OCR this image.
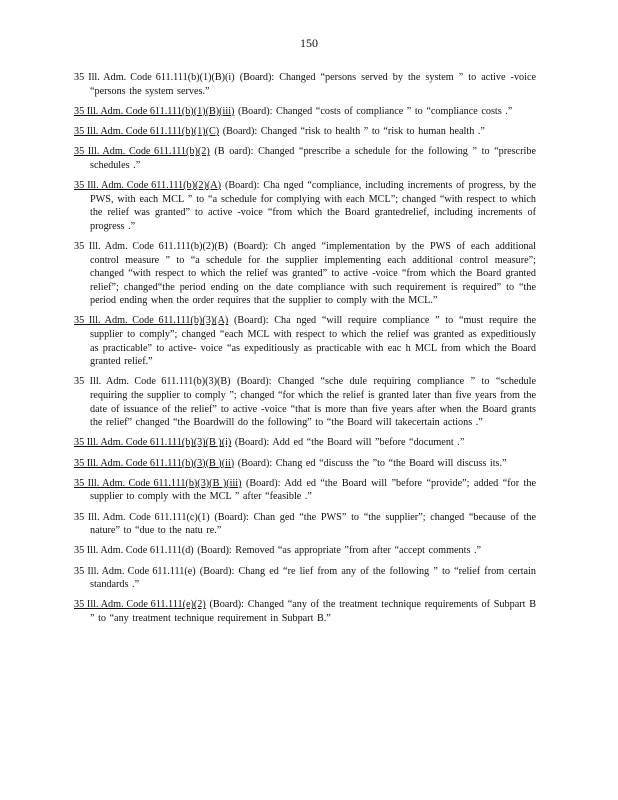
150
35 Ill. Adm. Code 611.111(b)(1)(B)(i) (Board): Changed “persons served by the system ” to active -voice “persons the system serves.”
35 Ill. Adm. Code 611.111(b)(1)(B)(iii) (Board): Changed “costs of compliance ” to “compliance costs .”
35 Ill. Adm. Code 611.111(b)(1)(C) (Board): Changed “risk to health ” to “risk to human health .”
35 Ill. Adm. Code 611.111(b)(2) (B oard): Changed “prescribe a schedule for the following ” to “prescribe schedules .”
35 Ill. Adm. Code 611.111(b)(2)(A) (Board): Cha nged “compliance, including increments of progress, by the PWS, with each MCL ” to “a schedule for complying with each MCL”; changed “with respect to which the relief was granted” to active -voice “from which the Board grantedrelief, including increments of progress .”
35 Ill. Adm. Code 611.111(b)(2)(B) (Board): Ch anged “implementation by the PWS of each additional control measure ” to “a schedule for the supplier implementing each additional control measure”; changed “with respect to which the relief was granted” to active -voice “from which the Board granted relief”; changed“the period ending on the date compliance with such requirement is required” to “the period ending when the order requires that the supplier to comply with the MCL.”
35 Ill. Adm. Code 611.111(b)(3)(A) (Board): Cha nged “will require compliance ” to “must require the supplier to comply”; changed “each MCL with respect to which the relief was granted as expeditiously as practicable” to active- voice “as expeditiously as practicable with eac h MCL from which the Board granted relief.”
35 Ill. Adm. Code 611.111(b)(3)(B) (Board): Changed “sche dule requiring compliance ” to “schedule requiring the supplier to comply ”; changed “for which the relief is granted later than five years from the date of issuance of the relief” to active -voice “that is more than five years after when the Board grants the relief” changed “the Boardwill do the following” to “the Board will takecertain actions .”
35 Ill. Adm. Code 611.111(b)(3)(B )(i) (Board): Add ed “the Board will ”before “document .”
35 Ill. Adm. Code 611.111(b)(3)(B )(ii) (Board): Chang ed “discuss the ”to “the Board will discuss its.”
35 Ill. Adm. Code 611.111(b)(3)(B )(iii) (Board): Add ed “the Board will ”before “provide”; added “for the supplier to comply with the MCL ” after “feasible .”
35 Ill. Adm. Code 611.111(c)(1) (Board): Chan ged “the PWS” to “the supplier”; changed “because of the nature” to “due to the natu re.”
35 Ill. Adm. Code 611.111(d) (Board): Removed “as appropriate ”from after “accept comments .”
35 Ill. Adm. Code 611.111(e) (Board): Chang ed “re lief from any of the following ” to “relief from certain standards .”
35 Ill. Adm. Code 611.111(e)(2) (Board): Changed “any of the treatment technique requirements of Subpart B ” to “any treatment technique requirement in Subpart B.”
